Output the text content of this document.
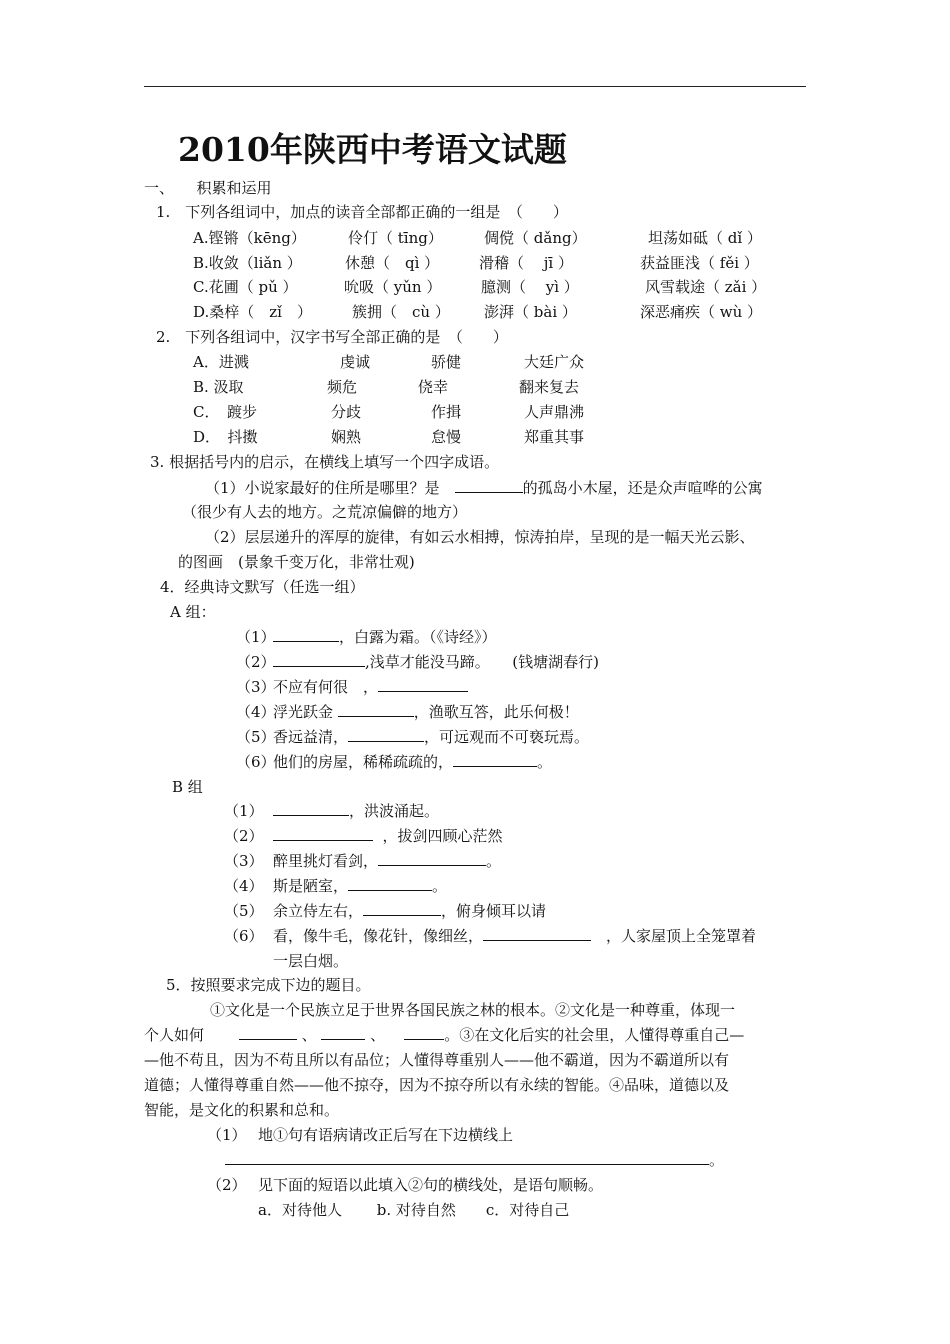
2010年陕西中考语文试题
一、　　积累和运用
1.　下列各组词中，加点的读音全部都正确的一组是　（　　）
A.铿锵（kēng）	伶仃（ tīng）	倜傥（ dǎng）	坦荡如砥（ dǐ ）
B.收敛（liǎn ）	休憩（　qì ）	滑稽（　 jī ）	获益匪浅（ fěi ）
C.花圃（ pǔ ）	吮吸（ yǔn ）	臆测（　 yì ）	风雪载途（ zǎi ）
D.桑梓（　zǐ　）	簇拥（　cù ） 澎湃（ bài ）	深恶痛疾（ wù ）
2.　下列各组词中，汉字书写全部正确的是　（　　）
A．进溅	虔诚	骄健	大廷广众
B. 汲取	频危	侥幸	翻来复去
C．　踱步	分歧	作揖	人声鼎沸
D．　抖擞	娴熟	怠慢	郑重其事
3. 根据括号内的启示，在横线上填写一个四字成语。
（1）小说家最好的住所是哪里？是　	的孤岛小木屋，还是众声喧哗的公寓
（很少有人去的地方。之荒凉偏僻的地方）
（2）层层递升的浑厚的旋律，有如云水相搏，惊涛拍岸，呈现的是一幅天光云影、
的图画　(景象千变万化，非常壮观)
4．经典诗文默写（任选一组）
A 组：
（1）	，白露为霜。（《诗经》）
（2）	,浅草才能没马蹄。　　(钱塘湖春行)
（3）
不应有何很　，
（4）
浮光跃金	，渔歌互答，此乐何极！
（5）
香远益清，	，可远观而不可亵玩焉。
（6）
他们的房屋，稀稀疏疏的，	。
B 组
（1）	，洪波涌起。
（2）	，拔剑四顾心茫然
（3） 醉里挑灯看剑，	。
（4） 斯是陋室，	。
（5） 余立侍左右，	，俯身倾耳以请
（6） 看，像牛毛，像花针，像细丝，	　，人家屋顶上全笼罩着
一层白烟。
5．按照要求完成下边的题目。
①文化是一个民族立足于世界各国民族之林的根本。②文化是一种尊重，体现一
个人如何　　	、	、	。③在文化后实的社会里，人懂得尊重自己—
—他不苟且，因为不苟且所以有品位；人懂得尊重别人——他不霸道，因为不霸道所以有
道德；人懂得尊重自然——他不掠夺，因为不掠夺所以有永续的智能。④品味，道德以及
智能，是文化的积累和总和。
（1） 地①句有语病请改正后写在下边横线上
。
（2） 见下面的短语以此填入②句的横线处，是语句顺畅。
a．对待他人　　 b. 对待自然　　c．对待自己
